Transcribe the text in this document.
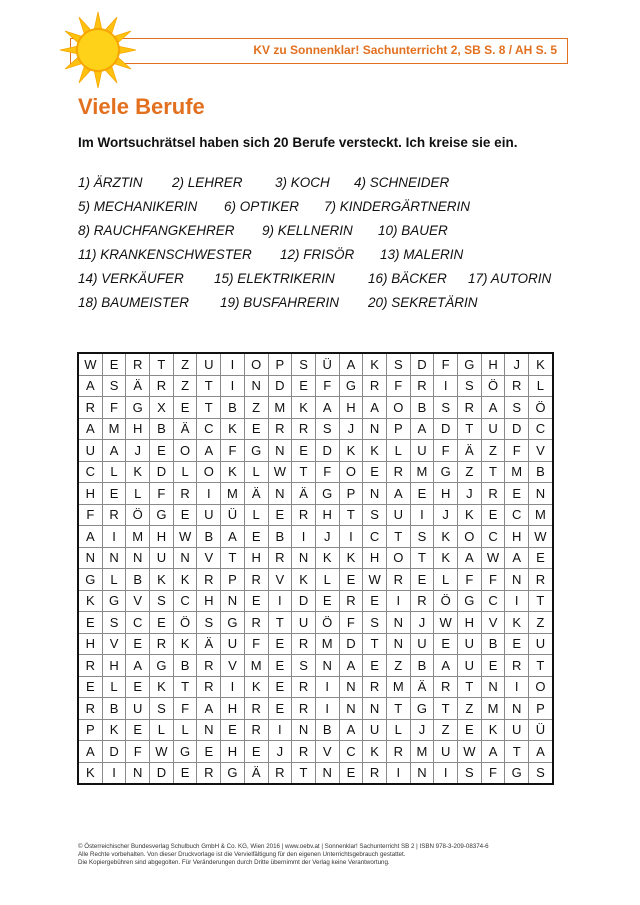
KV zu Sonnenklar! Sachunterricht 2, SB S. 8 / AH S. 5
Viele Berufe
Im Wortsuchrätsel haben sich 20 Berufe versteckt. Ich kreise sie ein.
1) ÄRZTIN 2) LEHRER 3) KOCH 4) SCHNEIDER
5) MECHANIKERIN 6) OPTIKER 7) KINDERGÄRTNERIN
8) RAUCHFANGKEHRER 9) KELLNERIN 10) BAUER
11) KRANKENSCHWESTER 12) FRISÖR 13) MALERIN
14) VERKÄUFER 15) ELEKTRIKERIN 16) BÄCKER 17) AUTORIN
18) BAUMEISTER 19) BUSFAHRERIN 20) SEKRETÄRIN
W	E	R	T	Z	U	I	O	P	S	Ü	A	K	S	D	F	G	H	J	K
A	S	Ä	R	Z	T	I	N	D	E	F	G	R	F	R	I	S	Ö	R	L
R	F	G	X	E	T	B	Z	M	K	A	H	A	O	B	S	R	A	S	Ö
A	M	H	B	Ä	C	K	E	R	R	S	J	N	P	A	D	T	U	D	C
U	A	J	E	O	A	F	G	N	E	D	K	K	L	U	F	Ä	Z	F	V
C	L	K	D	L	O	K	L	W	T	F	O	E	R	M	G	Z	T	M	B
H	E	L	F	R	I	M	Ä	N	Ä	G	P	N	A	E	H	J	R	E	N
F	R	Ö	G	E	U	Ü	L	E	R	H	T	S	U	I	J	K	E	C	M
A	I	M	H	W	B	A	E	B	I	J	I	C	T	S	K	O	C	H	W
N	N	N	U	N	V	T	H	R	N	K	K	H	O	T	K	A	W	A	E
G	L	B	K	K	R	P	R	V	K	L	E	W	R	E	L	F	F	N	R
K	G	V	S	C	H	N	E	I	D	E	R	E	I	R	Ö	G	C	I	T
E	S	C	E	Ö	S	G	R	T	U	Ö	F	S	N	J	W	H	V	K	Z
H	V	E	R	K	Ä	U	F	E	R	M	D	T	N	U	E	U	B	E	U
R	H	A	G	B	R	V	M	E	S	N	A	E	Z	B	A	U	E	R	T
E	L	E	K	T	R	I	K	E	R	I	N	R	M	Ä	R	T	N	I	O
R	B	U	S	F	A	H	R	E	R	I	N	N	T	G	T	Z	M	N	P
P	K	E	L	L	N	E	R	I	N	B	A	U	L	J	Z	E	K	U	Ü
A	D	F	W	G	E	H	E	J	R	V	C	K	R	M	U	W	A	T	A
K	I	N	D	E	R	G	Ä	R	T	N	E	R	I	N	I	S	F	G	S
© Österreichischer Bundesverlag Schulbuch GmbH & Co. KG, Wien 2016 | www.oebv.at | Sonnenklar! Sachunterricht SB 2 | ISBN 978-3-209-08374-6
Alle Rechte vorbehalten. Von dieser Druckvorlage ist die Vervielfältigung für den eigenen Unterrichtsgebrauch gestattet.
Die Kopiergebühren sind abgegolten. Für Veränderungen durch Dritte übernimmt der Verlag keine Verantwortung.
